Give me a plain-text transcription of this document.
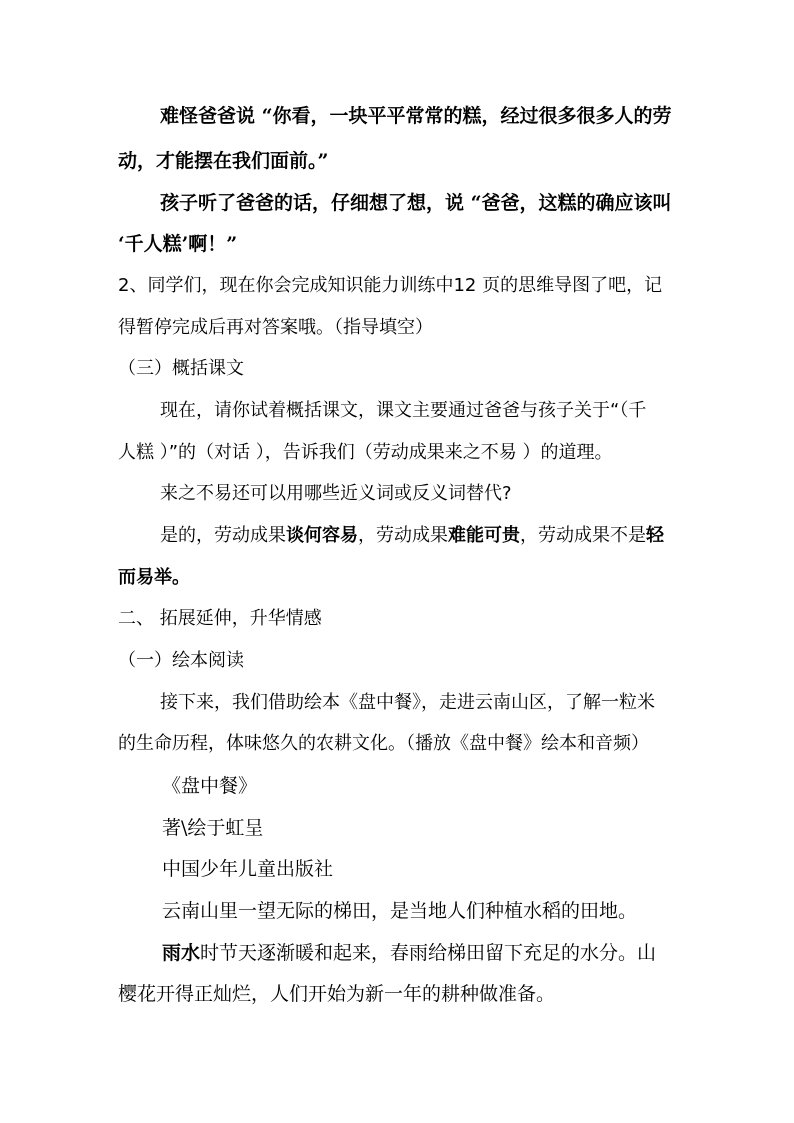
难怪爸爸说 “你看，一块平平常常的糕，经过很多很多人的劳
动，才能摆在我们面前。”
孩子听了爸爸的话，仔细想了想，说 “爸爸，这糕的确应该叫
‘千人糕’啊！”
2、同学们，现在你会完成知识能力训练中12 页的思维导图了吧，记
得暂停完成后再对答案哦。（指导填空）
（三）概括课文
现在，请你试着概括课文，课文主要通过爸爸与孩子关于“（千
人糕 ）”的（对话 ），告诉我们（劳动成果来之不易 ）的道理。
来之不易还可以用哪些近义词或反义词替代?
是的，劳动成果谈何容易，劳动成果难能可贵，劳动成果不是轻
而易举。
二、 拓展延伸，升华情感
（一）绘本阅读
接下来，我们借助绘本《盘中餐》，走进云南山区，了解一粒米
的生命历程，体味悠久的农耕文化。（播放《盘中餐》绘本和音频）
《盘中餐》
著\绘于虹呈
中国少年儿童出版社
云南山里一望无际的梯田，是当地人们种植水稻的田地。
雨水时节天逐渐暖和起来，春雨给梯田留下充足的水分。山
樱花开得正灿烂，人们开始为新一年的耕种做准备。
